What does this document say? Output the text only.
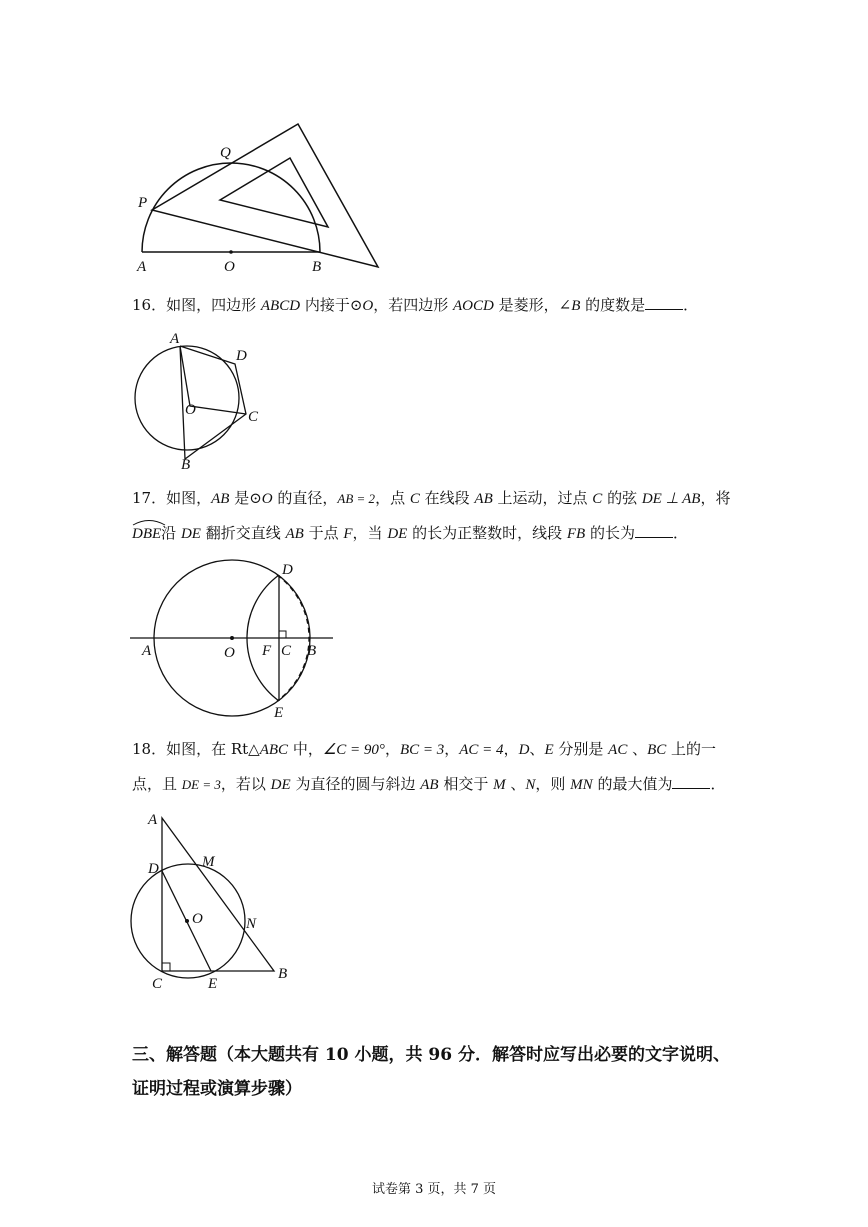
Q
P
A	O	B
16．如图，四边形 ABCD 内接于⊙O，若四边形 AOCD 是菱形，∠B 的度数是	．
A
D
O	C
B
17．如图，AB 是⊙O 的直径，AB = 2，点 C 在线段 AB 上运动，过点 C 的弦 DE ⊥ AB，将
DBE沿 DE 翻折交直线 AB 于点 F，当 DE 的长为正整数时，线段 FB 的长为	．
D
A	O F C B
E
18．如图，在 Rt△ABC 中，∠C = 90°，BC = 3，AC = 4，D、E 分别是 AC 、BC 上的一
点，且 DE = 3，若以 DE 为直径的圆与斜边 AB 相交于 M 、N，则 MN 的最大值为	．
A
M
D
O	N
C	E
B
三、解答题（本大题共有 10 小题，共 96 分．解答时应写出必要的文字说明、
证明过程或演算步骤）
试卷第 3 页，共 7 页
